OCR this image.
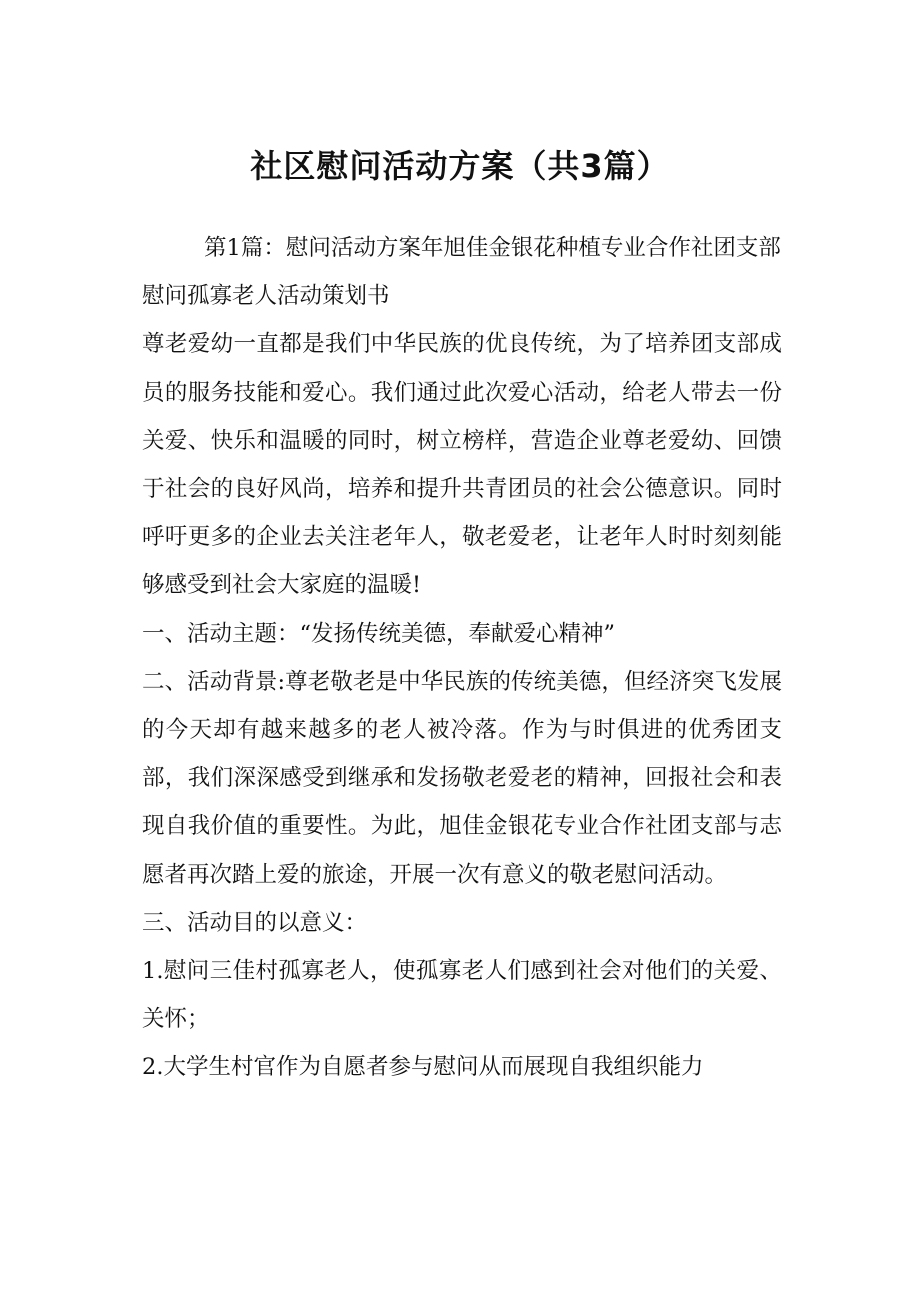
社区慰问活动方案（共3篇）

第1篇：慰问活动方案年旭佳金银花种植专业合作社团支部

慰问孤寡老人活动策划书

尊老爱幼一直都是我们中华民族的优良传统，为了培养团支部成员的服务技能和爱心。我们通过此次爱心活动，给老人带去一份关爱、快乐和温暖的同时，树立榜样，营造企业尊老爱幼、回馈于社会的良好风尚，培养和提升共青团员的社会公德意识。同时呼吁更多的企业去关注老年人，敬老爱老，让老年人时时刻刻能够感受到社会大家庭的温暖!

一、活动主题：“发扬传统美德，奉献爱心精神”

二、活动背景:尊老敬老是中华民族的传统美德，但经济突飞发展的今天却有越来越多的老人被冷落。作为与时俱进的优秀团支部，我们深深感受到继承和发扬敬老爱老的精神，回报社会和表现自我价值的重要性。为此，旭佳金银花专业合作社团支部与志愿者再次踏上爱的旅途，开展一次有意义的敬老慰问活动。

三、活动目的以意义：

1.慰问三佳村孤寡老人，使孤寡老人们感到社会对他们的关爱、关怀；

2.大学生村官作为自愿者参与慰问从而展现自我组织能力
